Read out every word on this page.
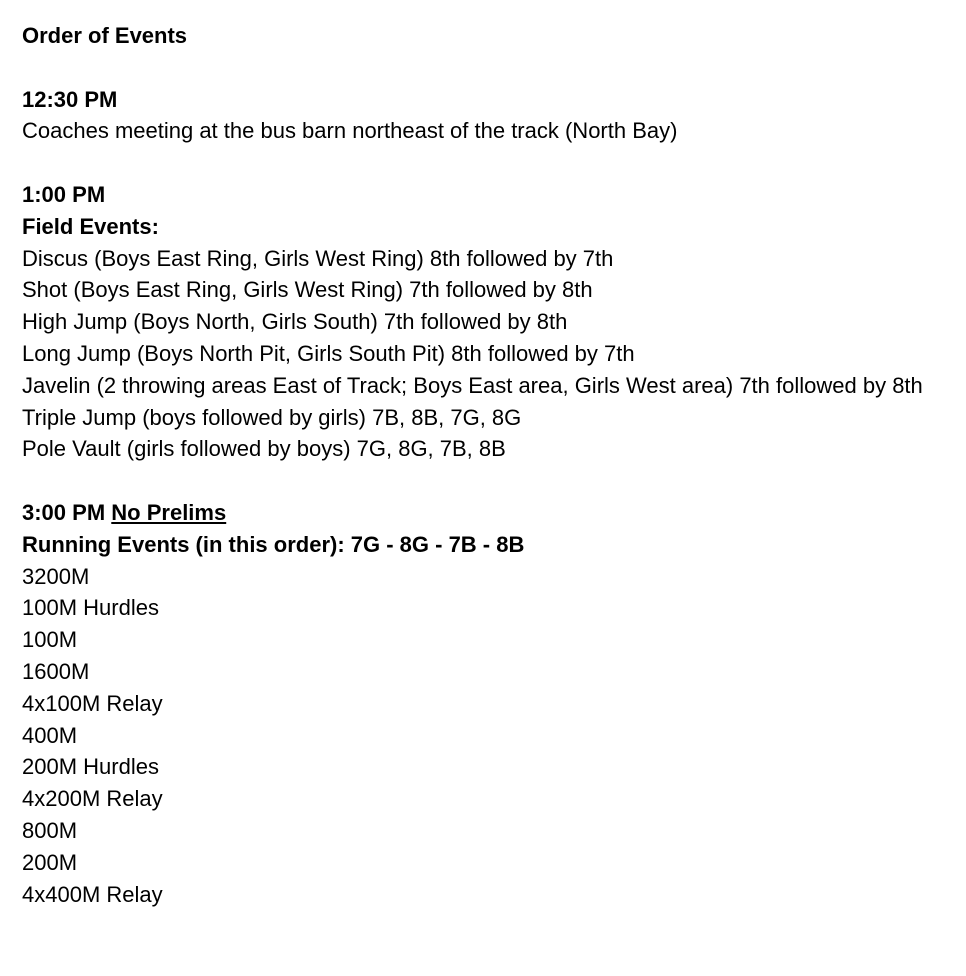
Order of Events
12:30 PM
Coaches meeting at the bus barn northeast of the track (North Bay)
1:00 PM
Field Events:
Discus (Boys East Ring, Girls West Ring) 8th followed by 7th
Shot (Boys East Ring, Girls West Ring) 7th followed by 8th
High Jump (Boys North, Girls South) 7th followed by 8th
Long Jump (Boys North Pit, Girls South Pit) 8th followed by 7th
Javelin (2 throwing areas East of Track; Boys East area, Girls West area) 7th followed by 8th
Triple Jump (boys followed by girls) 7B, 8B, 7G, 8G
Pole Vault (girls followed by boys) 7G, 8G, 7B, 8B
3:00 PM No Prelims
Running Events (in this order): 7G - 8G - 7B - 8B
3200M
100M Hurdles
100M
1600M
4x100M Relay
400M
200M Hurdles
4x200M Relay
800M
200M
4x400M Relay
